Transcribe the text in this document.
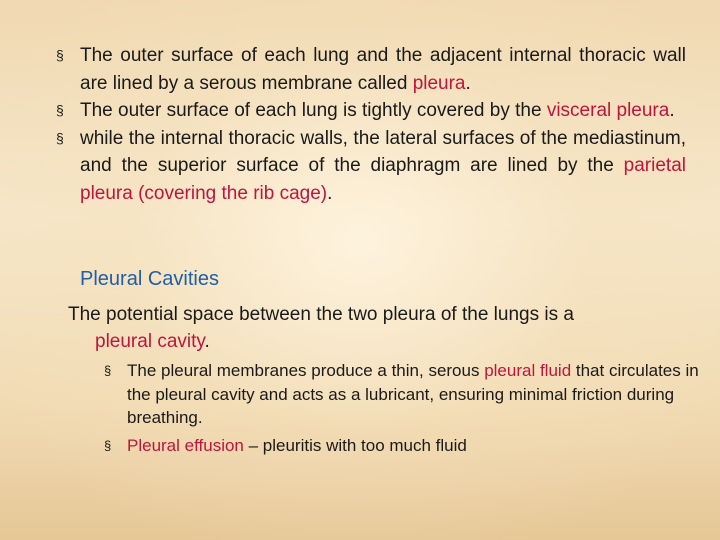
§ The outer surface of each lung and the adjacent internal thoracic wall are lined by a serous membrane called pleura.

§ The outer surface of each lung is tightly covered by the visceral pleura.

§ while the internal thoracic walls, the lateral surfaces of the mediastinum, and the superior surface of the diaphragm are lined by the parietal pleura (covering the rib cage).

Pleural Cavities

The potential space between the two pleura of the lungs is a
pleural cavity.

§ The pleural membranes produce a thin, serous pleural fluid that circulates in the pleural cavity and acts as a lubricant, ensuring minimal friction during breathing.

§ Pleural effusion – pleuritis with too much fluid
